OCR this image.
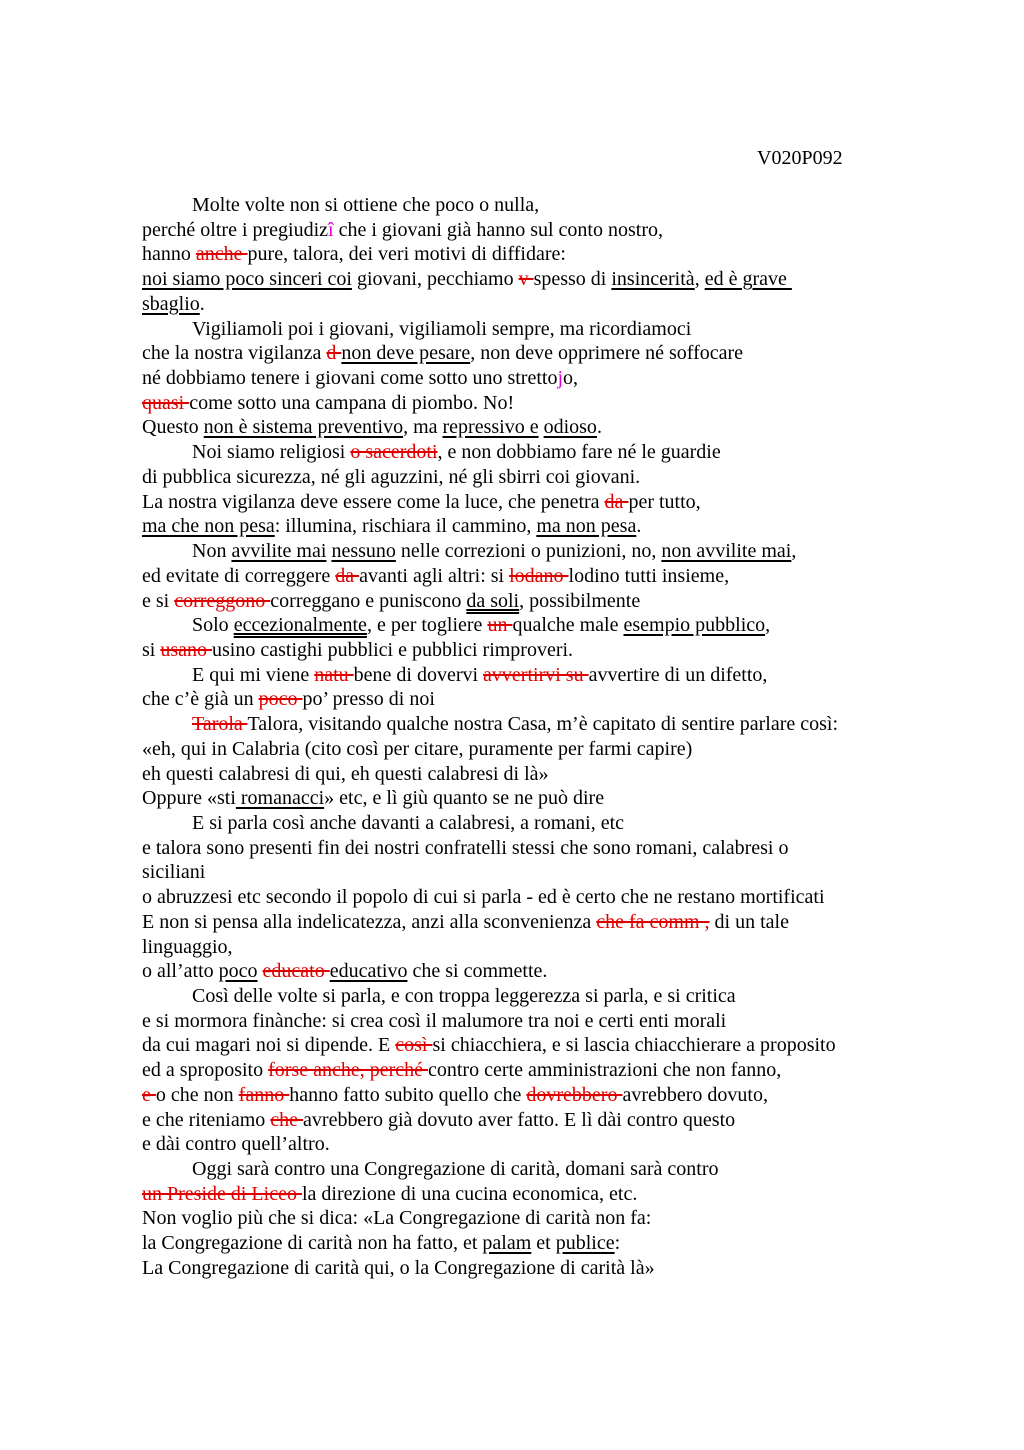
V020P092
Molte volte non si ottiene che poco o nulla,
perché oltre i pregiudizî che i giovani già hanno sul conto nostro,
hanno anche pure, talora, dei veri motivi di diffidare:
noi siamo poco sinceri coi giovani, pecchiamo v spesso di insincerità, ed è grave
sbaglio.
Vigiliamoli poi i giovani, vigiliamoli sempre, ma ricordiamoci
che la nostra vigilanza d non deve pesare, non deve opprimere né soffocare
né dobbiamo tenere i giovani come sotto uno strettojo,
quasi come sotto una campana di piombo. No!
Questo non è sistema preventivo, ma repressivo e odioso.
Noi siamo religiosi o sacerdoti, e non dobbiamo fare né le guardie
di pubblica sicurezza, né gli aguzzini, né gli sbirri coi giovani.
La nostra vigilanza deve essere come la luce, che penetra da per tutto,
ma che non pesa: illumina, rischiara il cammino, ma non pesa.
Non avvilite mai nessuno nelle correzioni o punizioni, no, non avvilite mai,
ed evitate di correggere da avanti agli altri: si lodano lodino tutti insieme,
e si correggono correggano e puniscono da soli, possibilmente
Solo eccezionalmente, e per togliere un qualche male esempio pubblico,
si usano usino castighi pubblici e pubblici rimproveri.
E qui mi viene natu bene di dovervi avvertirvi su avvertire di un difetto,
che c’è già un poco po’ presso di noi
Tarola Talora, visitando qualche nostra Casa, m’è capitato di sentire parlare così:
«eh, qui in Calabria (cito così per citare, puramente per farmi capire)
eh questi calabresi di qui, eh questi calabresi di là»
Oppure «sti romanacci» etc, e lì giù quanto se ne può dire
E si parla così anche davanti a calabresi, a romani, etc
e talora sono presenti fin dei nostri confratelli stessi che sono romani, calabresi o
siciliani
o abruzzesi etc secondo il popolo di cui si parla - ed è certo che ne restano mortificati
E non si pensa alla indelicatezza, anzi alla sconvenienza che fa comm , di un tale
linguaggio,
o all’atto poco educato educativo che si commette.
Così delle volte si parla, e con troppa leggerezza si parla, e si critica
e si mormora finànche: si crea così il malumore tra noi e certi enti morali
da cui magari noi si dipende. E così si chiacchiera, e si lascia chiacchierare a proposito
ed a sproposito forse anche, perché contro certe amministrazioni che non fanno,
e o che non fanno hanno fatto subito quello che dovrebbero avrebbero dovuto,
e che riteniamo che avrebbero già dovuto aver fatto. E lì dài contro questo
e dài contro quell’altro.
Oggi sarà contro una Congregazione di carità, domani sarà contro
un Preside di Liceo la direzione di una cucina economica, etc.
Non voglio più che si dica: «La Congregazione di carità non fa:
la Congregazione di carità non ha fatto, et palam et publice:
La Congregazione di carità qui, o la Congregazione di carità là»
